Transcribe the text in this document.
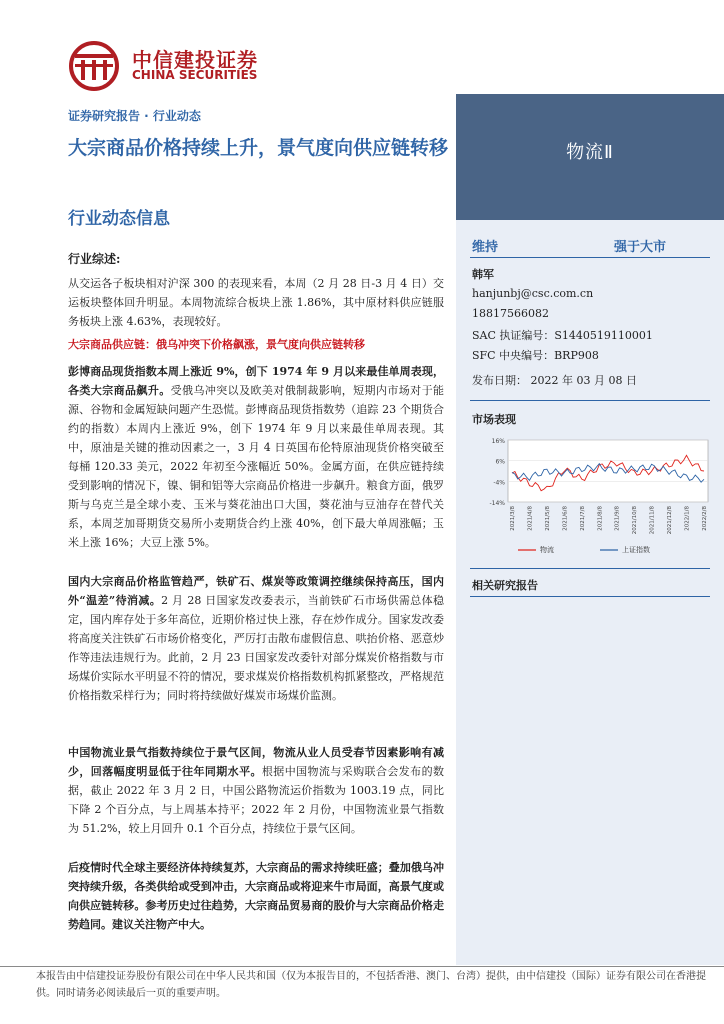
中信建投证券
CHINA SECURITIES
证券研究报告 · 行业动态
大宗商品价格持续上升，景气度向供应链转移
行业动态信息
物流Ⅱ
维持	强于大市
韩军
hanjunbj@csc.com.cn
18817566082
SAC 执证编号：S1440519110001
SFC 中央编号：BRP908
发布日期： 2022 年 03 月 08 日
市场表现
16%
6%
-4%
-14%
2021/3/8 2021/4/8 2021/5/8 2021/6/8 2021/7/8 2021/8/8 2021/9/8 2021/10/8 2021/11/8 2021/12/8 2022/1/8 2022/2/8
物流	上证指数
相关研究报告
行业综述:

从交运各子板块相对沪深 300 的表现来看，本周（2 月 28 日-3 月 4 日）交运板块整体回升明显。本周物流综合板块上涨 1.86%，其中原材料供应链服务板块上涨 4.63%，表现较好。

大宗商品供应链：俄乌冲突下价格飙涨，景气度向供应链转移

彭博商品现货指数本周上涨近 9%，创下 1974 年 9 月以来最佳单周表现，各类大宗商品飙升。受俄乌冲突以及欧美对俄制裁影响，短期内市场对于能源、谷物和金属短缺问题产生恐慌。彭博商品现货指数势（追踪 23 个期货合约的指数）本周内上涨近 9%，创下 1974 年 9 月以来最佳单周表现。其中，原油是关键的推动因素之一，3 月 4 日英国布伦特原油现货价格突破至每桶 120.33 美元，2022 年初至今涨幅近 50%。金属方面，在供应链持续受到影响的情况下，镍、铜和铝等大宗商品价格进一步飙升。粮食方面，俄罗斯与乌克兰是全球小麦、玉米与葵花油出口大国，葵花油与豆油存在替代关系，本周芝加哥期货交易所小麦期货合约上涨 40%，创下最大单周涨幅；玉米上涨 16%；大豆上涨 5%。

国内大宗商品价格监管趋严，铁矿石、煤炭等政策调控继续保持高压，国内外“温差”待消减。2 月 28 日国家发改委表示，当前铁矿石市场供需总体稳定，国内库存处于多年高位，近期价格过快上涨，存在炒作成分。国家发改委将高度关注铁矿石市场价格变化，严厉打击散布虚假信息、哄抬价格、恶意炒作等违法违规行为。此前，2 月 23 日国家发改委针对部分煤炭价格指数与市场煤价实际水平明显不符的情况，要求煤炭价格指数机构抓紧整改，严格规范价格指数采样行为；同时将持续做好煤炭市场煤价监测。

中国物流业景气指数持续位于景气区间，物流从业人员受春节因素影响有减少，回落幅度明显低于往年同期水平。根据中国物流与采购联合会发布的数据，截止 2022 年 3 月 2 日，中国公路物流运价指数为 1003.19 点，同比下降 2 个百分点，与上周基本持平；2022 年 2 月份，中国物流业景气指数为 51.2%，较上月回升 0.1 个百分点，持续位于景气区间。

后疫情时代全球主要经济体持续复苏，大宗商品的需求持续旺盛；叠加俄乌冲突持续升级，各类供给或受到冲击，大宗商品或将迎来牛市局面，高景气度或向供应链转移。参考历史过往趋势，大宗商品贸易商的股价与大宗商品价格走势趋同。建议关注物产中大。

本报告由中信建投证券股份有限公司在中华人民共和国（仅为本报告目的，不包括香港、澳门、台湾）提供，由中信建投（国际）证券有限公司在香港提供。同时请务必阅读最后一页的重要声明。
